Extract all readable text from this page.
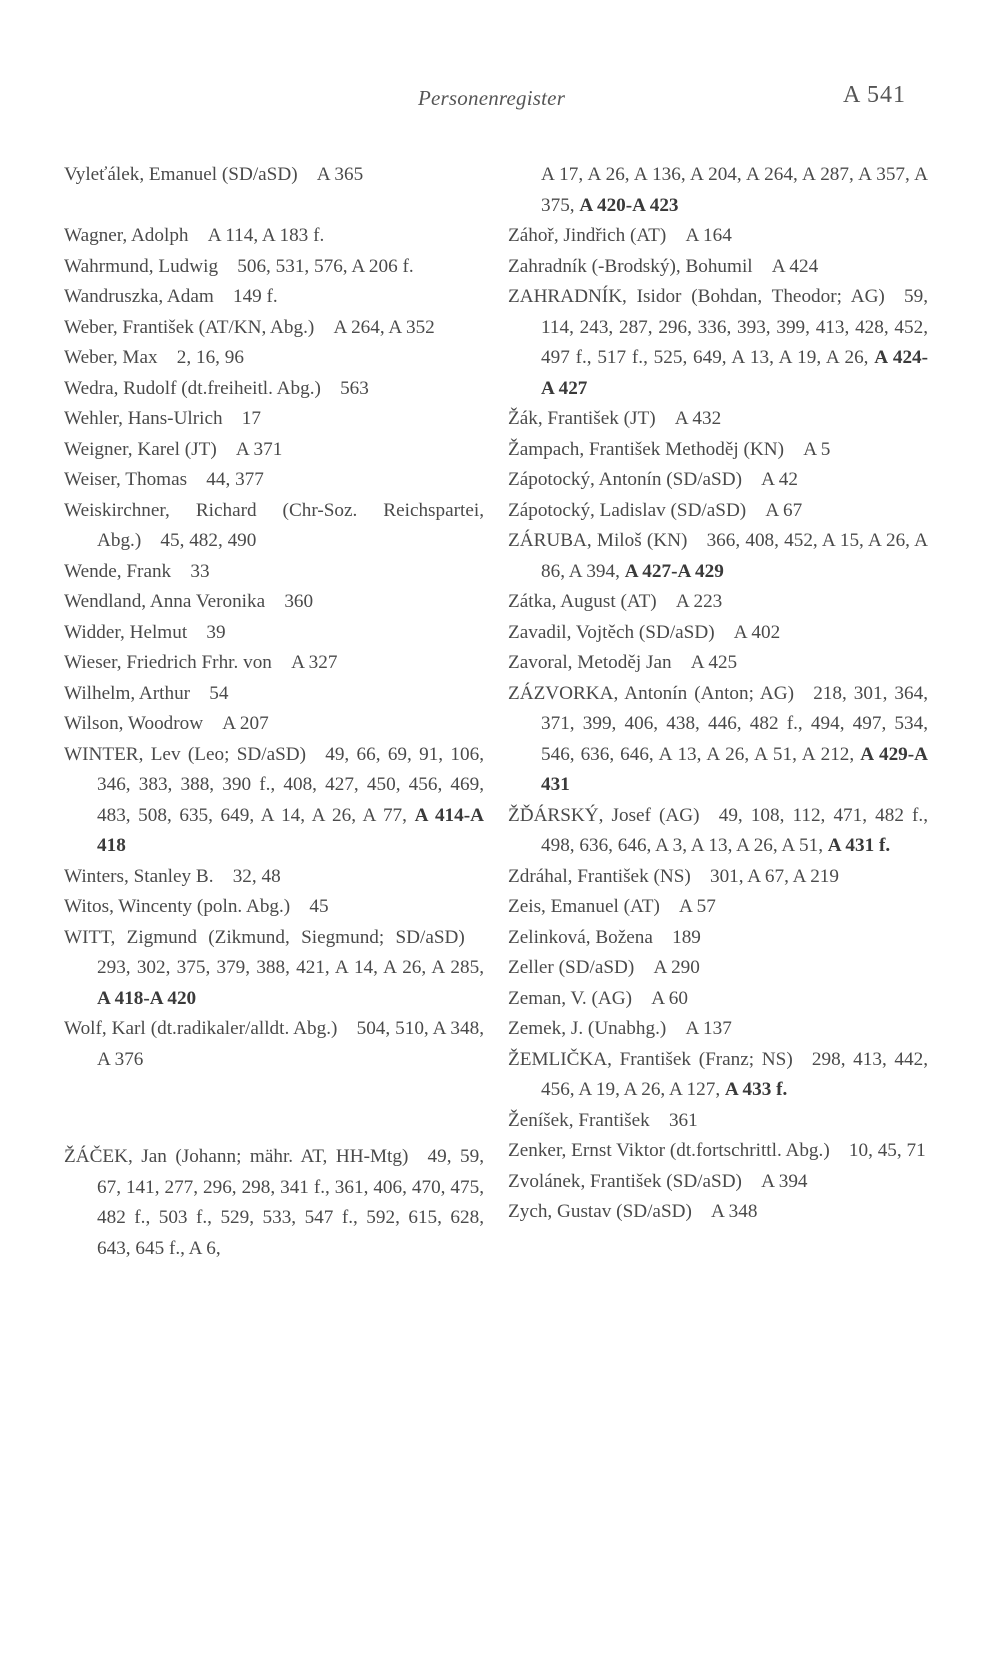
Personenregister	A 541
Vyleťálek, Emanuel (SD/aSD)  A 365
Wagner, Adolph  A 114, A 183 f.
Wahrmund, Ludwig  506, 531, 576, A 206 f.
Wandruszka, Adam  149 f.
Weber, František (AT/KN, Abg.)  A 264, A 352
Weber, Max  2, 16, 96
Wedra, Rudolf (dt.freiheitl. Abg.)  563
Wehler, Hans-Ulrich  17
Weigner, Karel (JT)  A 371
Weiser, Thomas  44, 377
Weiskirchner, Richard (Chr-Soz. Reichspartei, Abg.)  45, 482, 490
Wende, Frank  33
Wendland, Anna Veronika  360
Widder, Helmut  39
Wieser, Friedrich Frhr. von  A 327
Wilhelm, Arthur  54
Wilson, Woodrow  A 207
WINTER, Lev (Leo; SD/aSD)  49, 66, 69, 91, 106, 346, 383, 388, 390 f., 408, 427, 450, 456, 469, 483, 508, 635, 649, A 14, A 26, A 77, A 414-A 418
Winters, Stanley B.  32, 48
Witos, Wincenty (poln. Abg.)  45
WITT, Zigmund (Zikmund, Siegmund; SD/aSD) 293, 302, 375, 379, 388, 421, A 14, A 26, A 285, A 418-A 420
Wolf, Karl (dt.radikaler/alldt. Abg.)  504, 510, A 348, A 376
ŽÁČEK, Jan (Johann; mähr. AT, HH-Mtg)  49, 59, 67, 141, 277, 296, 298, 341 f., 361, 406, 470, 475, 482 f., 503 f., 529, 533, 547 f., 592, 615, 628, 643, 645 f., A 6,
A 17, A 26, A 136, A 204, A 264, A 287, A 357, A 375, A 420-A 423
Záhoř, Jindřich (AT)  A 164
Zahradník (-Brodský), Bohumil  A 424
ZAHRADNÍK, Isidor (Bohdan, Theodor; AG)  59, 114, 243, 287, 296, 336, 393, 399, 413, 428, 452, 497 f., 517 f., 525, 649, A 13, A 19, A 26, A 424-A 427
Žák, František (JT)  A 432
Žampach, František Methoděj (KN)  A 5
Zápotocký, Antonín (SD/aSD)  A 42
Zápotocký, Ladislav (SD/aSD)  A 67
ZÁRUBA, Miloš (KN)  366, 408, 452, A 15, A 26, A 86, A 394, A 427-A 429
Zátka, August (AT)  A 223
Zavadil, Vojtěch (SD/aSD)  A 402
Zavoral, Metoděj Jan  A 425
ZÁZVORKA, Antonín (Anton; AG)  218, 301, 364, 371, 399, 406, 438, 446, 482 f., 494, 497, 534, 546, 636, 646, A 13, A 26, A 51, A 212, A 429-A 431
ŽĎÁRSKÝ, Josef (AG)  49, 108, 112, 471, 482 f., 498, 636, 646, A 3, A 13, A 26, A 51, A 431 f.
Zdráhal, František (NS)  301, A 67, A 219
Zeis, Emanuel (AT)  A 57
Zelinková, Božena  189
Zeller (SD/aSD)  A 290
Zeman, V. (AG)  A 60
Zemek, J. (Unabhg.)  A 137
ŽEMLIČKA, František (Franz; NS)  298, 413, 442, 456, A 19, A 26, A 127, A 433 f.
Ženíšek, František  361
Zenker, Ernst Viktor (dt.fortschrittl. Abg.)  10, 45, 71
Zvolánek, František (SD/aSD)  A 394
Zych, Gustav (SD/aSD)  A 348
